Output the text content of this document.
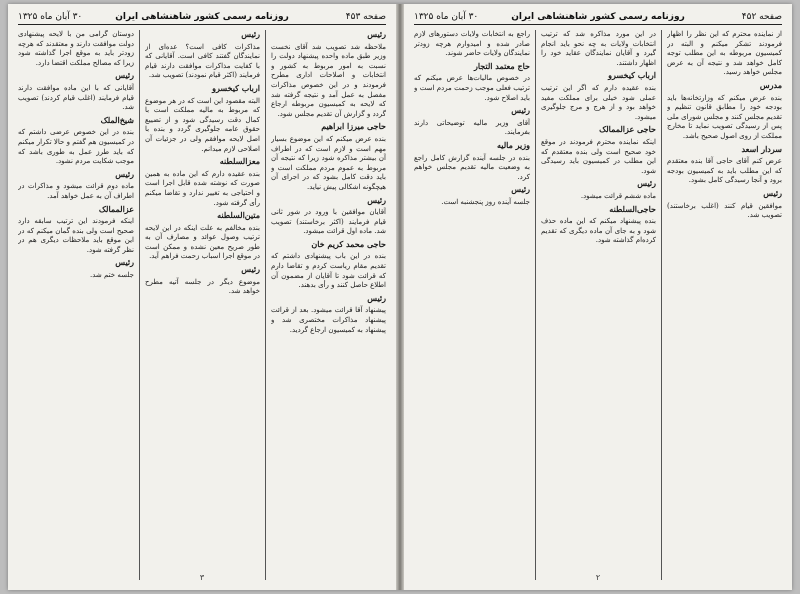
صفحه ۴۵۳
روزنامه رسمی کشور شاهنشاهی ایران
۳۰ آبان ماه ۱۳۲۵

رئیس

ملاحظه شد تصویب شد آقای نخست وزیر طبق ماده واحده پیشنهاد دولت را نسبت به امور مربوط به کشور و انتخابات و اصلاحات اداری مطرح فرمودند و در این خصوص مذاکرات مفصل به عمل آمد و نتیجه گرفته شد که لایحه به کمیسیون مربوطه ارجاع گردد و گزارش آن تقدیم مجلس شود.

حاجی میرزا ابراهیم

بنده عرض میکنم که این موضوع بسیار مهم است و لازم است که در اطراف آن بیشتر مذاکره شود زیرا که نتیجه آن مربوط به عموم مردم مملکت است و باید دقت کامل بشود که در اجرای آن هیچگونه اشکالی پیش نیاید.

رئیس

آقایان موافقین با ورود در شور ثانی قیام فرمایند (اکثر برخاستند) تصویب شد. ماده اول قرائت میشود.

حاجی محمد کریم خان

بنده در این باب پیشنهادی داشتم که تقدیم مقام ریاست کردم و تقاضا دارم که قرائت شود تا آقایان از مضمون آن اطلاع حاصل کنند و رأی بدهند.

رئیس

پیشنهاد آقا قرائت میشود. بعد از قرائت پیشنهاد مذاکرات مختصری شد و پیشنهاد به کمیسیون ارجاع گردید.

رئیس

مذاکرات کافی است؟ عده‌ای از نمایندگان گفتند کافی است. آقایانی که با کفایت مذاکرات موافقت دارند قیام فرمایند (اکثر قیام نمودند) تصویب شد.

ارباب کیخسرو

البته مقصود این است که در هر موضوع که مربوط به مالیه مملکت است با کمال دقت رسیدگی شود و از تضییع حقوق عامه جلوگیری گردد و بنده با اصل لایحه موافقم ولی در جزئیات آن اصلاحی لازم میدانم.

معزالسلطنه

بنده عقیده دارم که این ماده به همین صورت که نوشته شده قابل اجرا است و احتیاجی به تغییر ندارد و تقاضا میکنم رأی گرفته شود.

متین‌السلطنه

بنده مخالفم به علت اینکه در این لایحه ترتیب وصول عوائد و مصارف آن به طور صریح معین نشده و ممکن است در موقع اجرا اسباب زحمت فراهم آید.

رئیس

موضوع دیگر در جلسه آتیه مطرح خواهد شد.

دوستان گرامی من با لایحه پیشنهادی دولت موافقت دارند و معتقدند که هرچه زودتر باید به موقع اجرا گذاشته شود زیرا که مصالح مملکت اقتضا دارد.

رئیس

آقایانی که با این ماده موافقت دارند قیام فرمایند (اغلب قیام کردند) تصویب شد.

شیخ‌الملک

بنده در این خصوص عرضی داشتم که در کمیسیون هم گفتم و حالا تکرار میکنم که باید طرز عمل به طوری باشد که موجب شکایت مردم نشود.

رئیس

ماده دوم قرائت میشود و مذاکرات در اطراف آن به عمل خواهد آمد.

عزالممالک

اینکه فرمودند این ترتیب سابقه دارد صحیح است ولی بنده گمان میکنم که در این موقع باید ملاحظات دیگری هم در نظر گرفته شود.

رئیس

جلسه ختم شد.

۳
صفحه ۴۵۲
روزنامه رسمی کشور شاهنشاهی ایران
۳۰ آبان ماه ۱۳۲۵

از نماینده محترم که این نظر را اظهار فرمودند تشکر میکنم و البته در کمیسیون مربوطه به این مطلب توجه کامل خواهد شد و نتیجه آن به عرض مجلس خواهد رسید.

مدرس

بنده عرض میکنم که وزارتخانه‌ها باید بودجه خود را مطابق قانون تنظیم و تقدیم مجلس کنند و مجلس شورای ملی پس از رسیدگی تصویب نماید تا مخارج مملکت از روی اصول صحیح باشد.

سردار اسعد

عرض کنم آقای حاجی آقا بنده معتقدم که این مطلب باید به کمیسیون بودجه برود و آنجا رسیدگی کامل بشود.

رئیس

موافقین قیام کنند (اغلب برخاستند) تصویب شد.

در این مورد مذاکره شد که ترتیب انتخابات ولایات به چه نحو باید انجام گیرد و آقایان نمایندگان عقاید خود را اظهار داشتند.

ارباب کیخسرو

بنده عقیده دارم که اگر این ترتیب عملی شود خیلی برای مملکت مفید خواهد بود و از هرج و مرج جلوگیری میشود.

حاجی عزالممالک

اینکه نماینده محترم فرمودند در موقع خود صحیح است ولی بنده معتقدم که این مطلب در کمیسیون باید رسیدگی شود.

رئیس

ماده ششم قرائت میشود.

حاجی‌السلطنه

بنده پیشنهاد میکنم که این ماده حذف شود و به جای آن ماده دیگری که تقدیم کرده‌ام گذاشته شود.

راجع به انتخابات ولایات دستورهای لازم صادر شده و امیدوارم هرچه زودتر نمایندگان ولایات حاضر شوند.

حاج معتمد التجار

در خصوص مالیات‌ها عرض میکنم که ترتیب فعلی موجب زحمت مردم است و باید اصلاح شود.

رئیس

آقای وزیر مالیه توضیحاتی دارند بفرمایند.

وزیر مالیه

بنده در جلسه آینده گزارش کامل راجع به وضعیت مالیه تقدیم مجلس خواهم کرد.

رئیس

جلسه آینده روز پنجشنبه است.

۲
